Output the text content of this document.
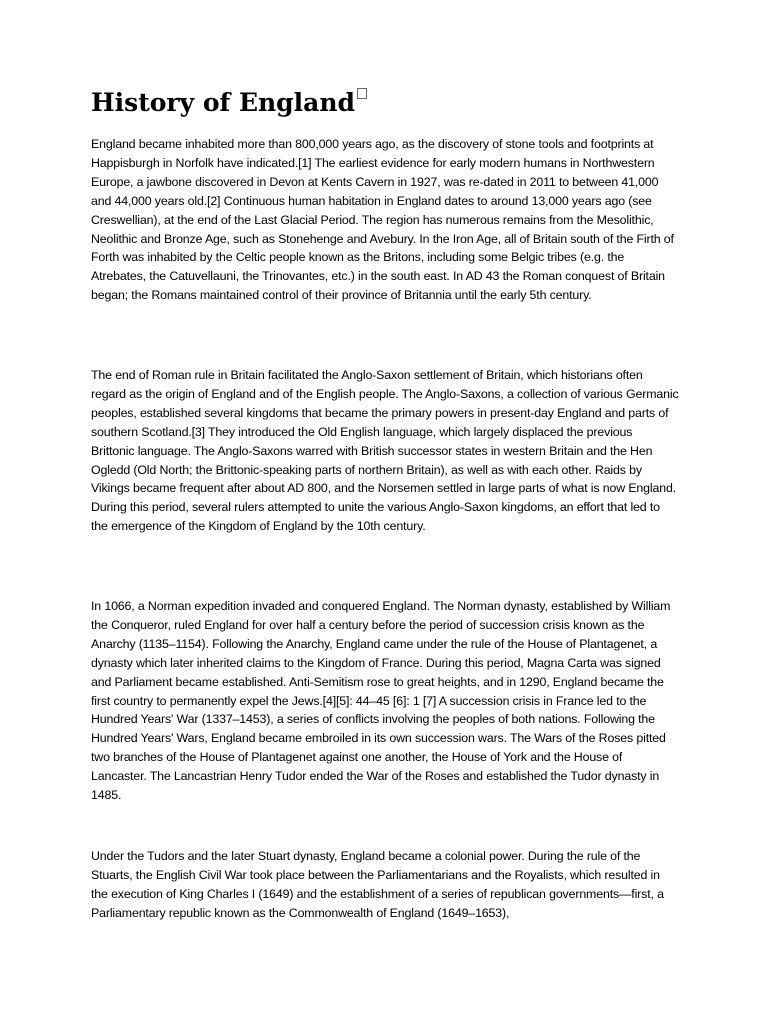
History of England

England became inhabited more than 800,000 years ago, as the discovery of stone tools and footprints at Happisburgh in Norfolk have indicated.[1] The earliest evidence for early modern humans in Northwestern Europe, a jawbone discovered in Devon at Kents Cavern in 1927, was re-dated in 2011 to between 41,000 and 44,000 years old.[2] Continuous human habitation in England dates to around 13,000 years ago (see Creswellian), at the end of the Last Glacial Period. The region has numerous remains from the Mesolithic, Neolithic and Bronze Age, such as Stonehenge and Avebury. In the Iron Age, all of Britain south of the Firth of Forth was inhabited by the Celtic people known as the Britons, including some Belgic tribes (e.g. the Atrebates, the Catuvellauni, the Trinovantes, etc.) in the south east. In AD 43 the Roman conquest of Britain began; the Romans maintained control of their province of Britannia until the early 5th century.

The end of Roman rule in Britain facilitated the Anglo-Saxon settlement of Britain, which historians often regard as the origin of England and of the English people. The Anglo-Saxons, a collection of various Germanic peoples, established several kingdoms that became the primary powers in present-day England and parts of southern Scotland.[3] They introduced the Old English language, which largely displaced the previous Brittonic language. The Anglo-Saxons warred with British successor states in western Britain and the Hen Ogledd (Old North; the Brittonic-speaking parts of northern Britain), as well as with each other. Raids by Vikings became frequent after about AD 800, and the Norsemen settled in large parts of what is now England. During this period, several rulers attempted to unite the various Anglo-Saxon kingdoms, an effort that led to the emergence of the Kingdom of England by the 10th century.

In 1066, a Norman expedition invaded and conquered England. The Norman dynasty, established by William the Conqueror, ruled England for over half a century before the period of succession crisis known as the Anarchy (1135–1154). Following the Anarchy, England came under the rule of the House of Plantagenet, a dynasty which later inherited claims to the Kingdom of France. During this period, Magna Carta was signed and Parliament became established. Anti-Semitism rose to great heights, and in 1290, England became the first country to permanently expel the Jews.[4][5]: 44–45 [6]: 1 [7] A succession crisis in France led to the Hundred Years' War (1337–1453), a series of conflicts involving the peoples of both nations. Following the Hundred Years' Wars, England became embroiled in its own succession wars. The Wars of the Roses pitted two branches of the House of Plantagenet against one another, the House of York and the House of Lancaster. The Lancastrian Henry Tudor ended the War of the Roses and established the Tudor dynasty in 1485.

Under the Tudors and the later Stuart dynasty, England became a colonial power. During the rule of the Stuarts, the English Civil War took place between the Parliamentarians and the Royalists, which resulted in the execution of King Charles I (1649) and the establishment of a series of republican governments—first, a Parliamentary republic known as the Commonwealth of England (1649–1653),
